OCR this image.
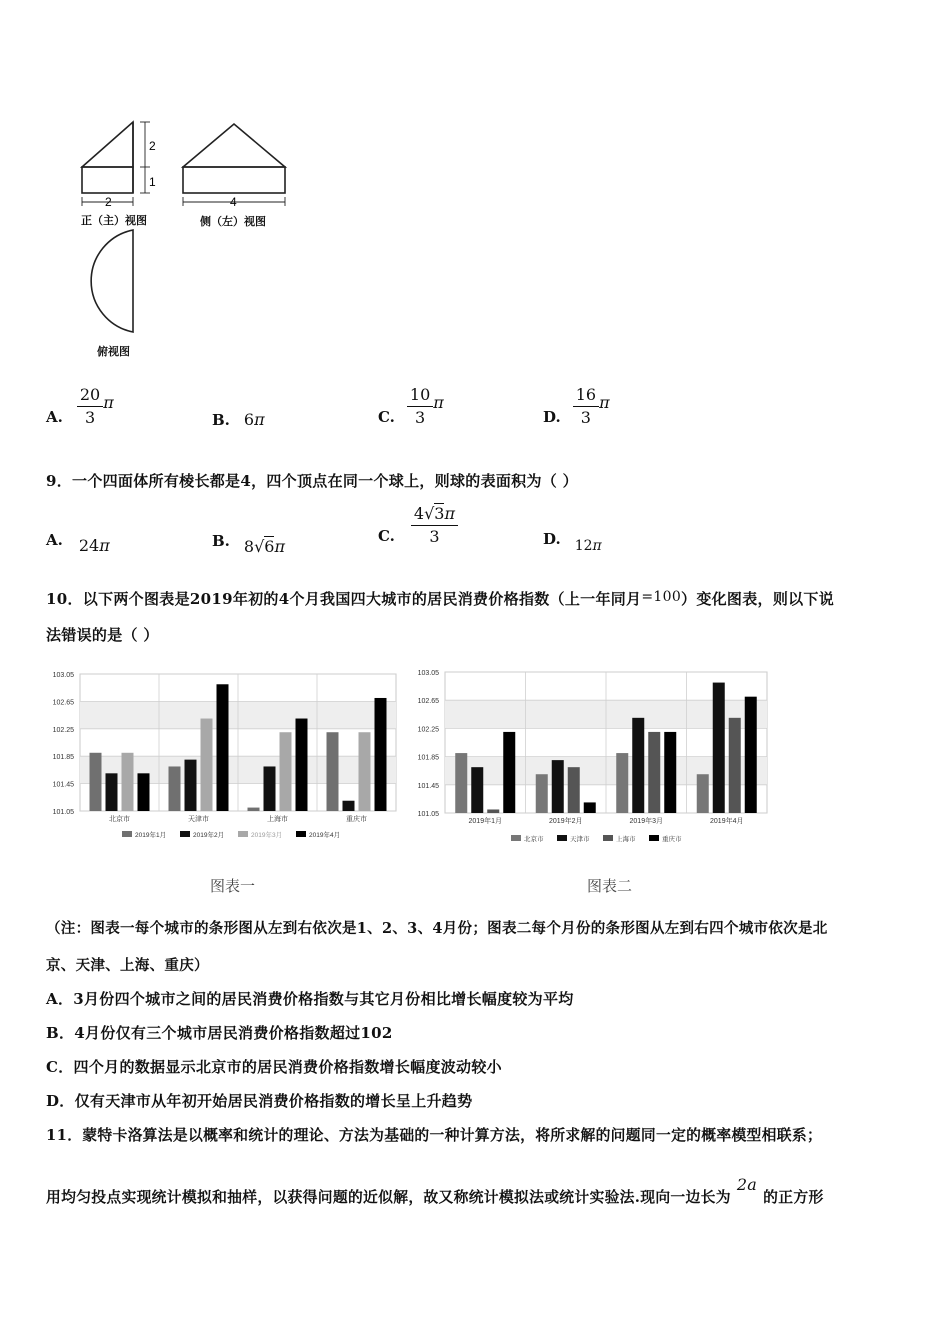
2
1
2	4
正（主）视图	侧（左）视图
俯视图
A. $\frac{20}{3}$ π
B. 6 π	C. $\frac{10}{3}$ π
D. $\frac{16}{3}$ π
9．一个四面体所有棱长都是4，四个顶点在同一个球上，则球的表面积为（ ）
A. 24 π	B. 8 √ 6 π
C. $\frac{4√3\pi}{3}$	D. 12 π
10．以下两个图表是2019年初的4个月我国四大城市的居民消费价格指数（上一年同月=100）变化图表，则以下说
法错误的是（ ）
101.05
101.45
101.85
102.25
102.65
103.05
北京市	天津市	上海市	重庆市
2019年1月	2019年2月	2019年3月	2019年4月
101.05
101.45
101.85
102.25
102.65
103.05
2019年1月	2019年2月	2019年3月	2019年4月
北京市	天津市	上海市	重庆市
图表一	图表二
（注：图表一每个城市的条形图从左到右依次是1、2、3、4月份；图表二每个月份的条形图从左到右四个城市依次是北
京、天津、上海、重庆）
A．3月份四个城市之间的居民消费价格指数与其它月份相比增长幅度较为平均
B．4月份仅有三个城市居民消费价格指数超过102
C．四个月的数据显示北京市的居民消费价格指数增长幅度波动较小
D．仅有天津市从年初开始居民消费价格指数的增长呈上升趋势
11．蒙特卡洛算法是以概率和统计的理论、方法为基础的一种计算方法，将所求解的问题同一定的概率模型相联系；
用均匀投点实现统计模拟和抽样，以获得问题的近似解，故又称统计模拟法或统计实验法.现向一边长为2a的正方形
